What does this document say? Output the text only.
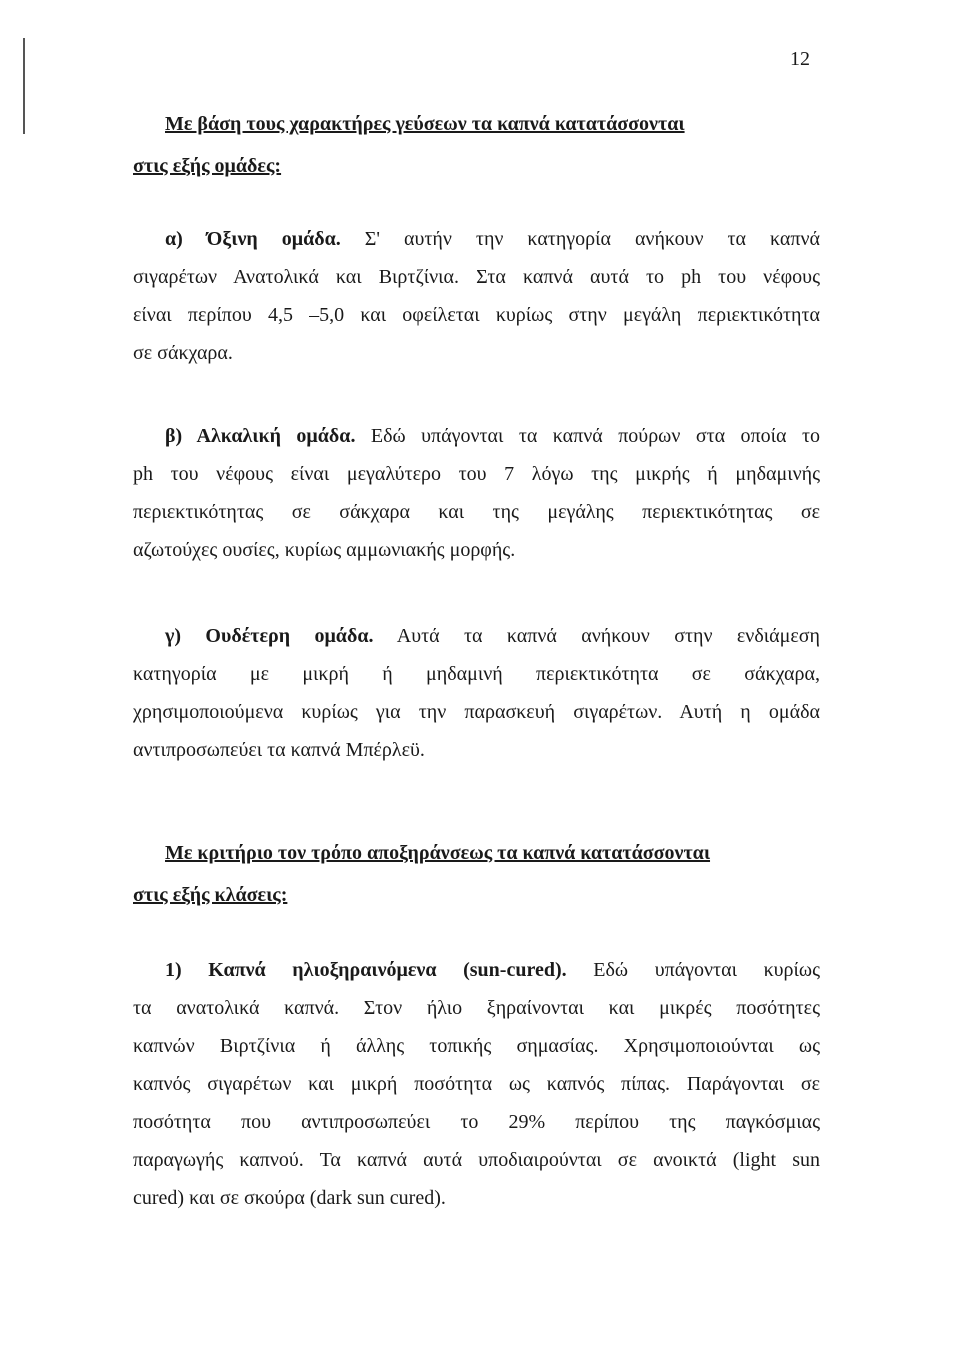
12
Με βάση τους χαρακτήρες γεύσεων τα καπνά κατατάσσονται
στις εξής ομάδες:
α) Όξινη ομάδα. Σ' αυτήν την κατηγορία ανήκουν τα καπνά
σιγαρέτων Ανατολικά και Βιρτζίνια. Στα καπνά αυτά το ph του νέφους
είναι περίπου 4,5 –5,0 και οφείλεται κυρίως στην μεγάλη περιεκτικότητα
σε σάκχαρα.
β) Αλκαλική ομάδα. Εδώ υπάγονται τα καπνά πούρων στα οποία το
ph του νέφους είναι μεγαλύτερο του 7 λόγω της μικρής ή μηδαμινής
περιεκτικότητας σε σάκχαρα και της μεγάλης περιεκτικότητας σε
αζωτούχες ουσίες, κυρίως αμμωνιακής μορφής.
γ) Ουδέτερη ομάδα. Αυτά τα καπνά ανήκουν στην ενδιάμεση
κατηγορία με μικρή ή μηδαμινή περιεκτικότητα σε σάκχαρα,
χρησιμοποιούμενα κυρίως για την παρασκευή σιγαρέτων. Αυτή η ομάδα
αντιπροσωπεύει τα καπνά Μπέρλεϋ.
Με κριτήριο τον τρόπο αποξηράνσεως τα καπνά κατατάσσονται
στις εξής κλάσεις:
1) Καπνά ηλιοξηραινόμενα (sun-cured). Εδώ υπάγονται κυρίως
τα ανατολικά καπνά. Στον ήλιο ξηραίνονται και μικρές ποσότητες
καπνών Βιρτζίνια ή άλλης τοπικής σημασίας. Χρησιμοποιούνται ως
καπνός σιγαρέτων και μικρή ποσότητα ως καπνός πίπας. Παράγονται σε
ποσότητα που αντιπροσωπεύει το 29% περίπου της παγκόσμιας
παραγωγής καπνού. Τα καπνά αυτά υποδιαιρούνται σε ανοικτά (light sun
cured) και σε σκούρα (dark sun cured).
